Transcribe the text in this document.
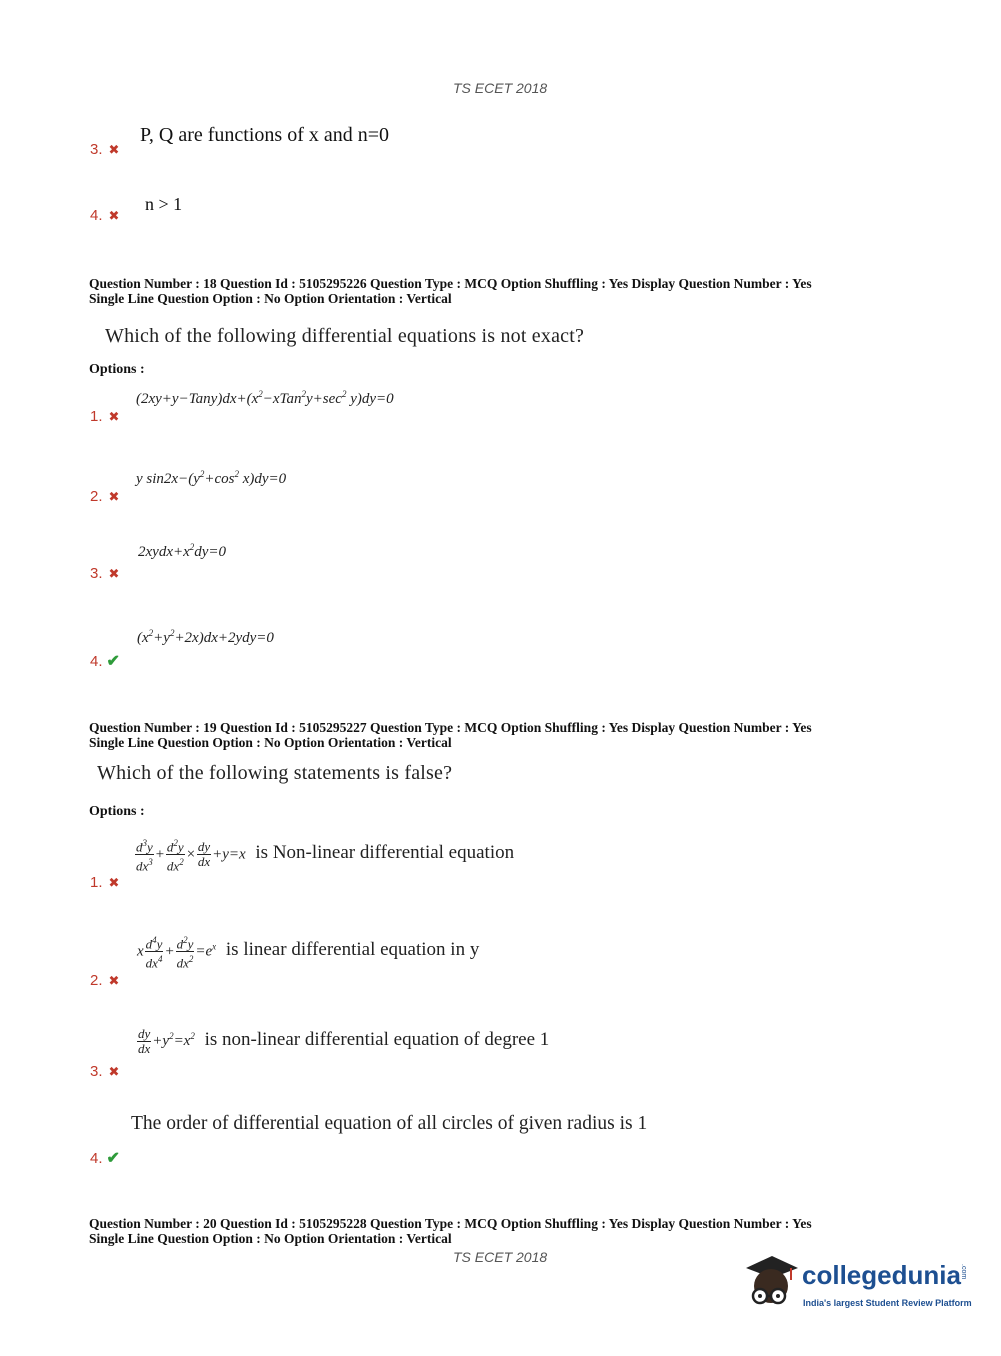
TS ECET 2018
P, Q are functions of x and n=0
3. ✖
n > 1
4. ✖
Question Number : 18 Question Id : 5105295226 Question Type : MCQ Option Shuffling : Yes Display Question Number : Yes
Single Line Question Option : No Option Orientation : Vertical
Which of the following differential equations is not exact?
Options :
$(2xy+y-Tany)dx+(x^2-xTan^2y+\sec^2$ y)dy=0
1. ✖
y $\sin 2x-(y^2+\cos^2$ x)dy=0
2. ✖
$2xydx+x^2dy=0$
3. ✖
$(x^2+y^2+2x)dx+2ydy=0$
4. ✔
Question Number : 19 Question Id : 5105295227 Question Type : MCQ Option Shuffling : Yes Display Question Number : Yes
Single Line Question Option : No Option Orientation : Vertical
Which of the following statements is false?
Options :
$\frac{d^3y}{dx^3} + \frac{d^2y}{dx^2} \times \frac{dy}{dx} +y=x$ is Non-linear differential equation
1. ✖
x $\frac{d^4y}{dx^4} + \frac{d^2y}{dx^2} =e^x$ is linear differential equation in y
2. ✖
$\frac{dy}{dx} +y^2=x^2$ is non-linear differential equation of degree 1
3. ✖
The order of differential equation of all circles of given radius is 1
4. ✔
Question Number : 20 Question Id : 5105295228 Question Type : MCQ Option Shuffling : Yes Display Question Number : Yes
Single Line Question Option : No Option Orientation : Vertical
TS ECET 2018
collegedunia .com
India's largest Student Review Platform
